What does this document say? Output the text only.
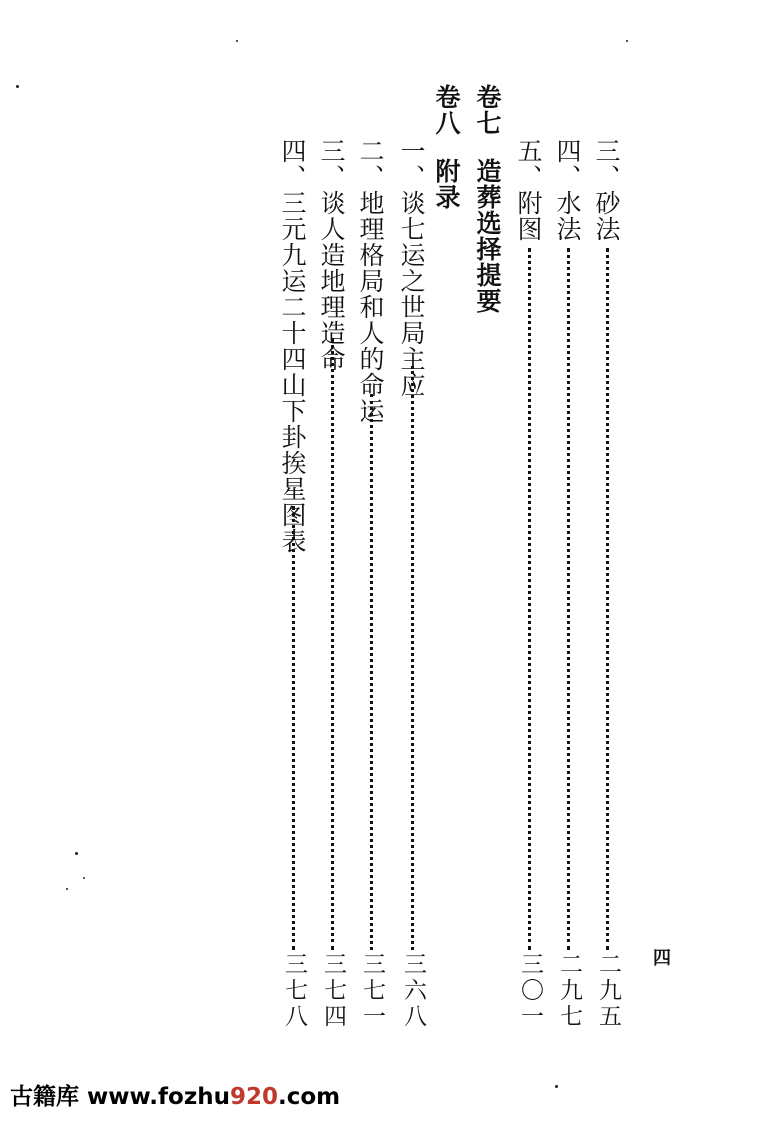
三、砂法
二九五
四、水法
二九七
五、附图
三〇一
卷七
造葬选择提要
卷八
附录
一、谈七运之世局主应
三六八
二、地理格局和人的命运
三七一
三、谈人造地理造命
三七四
四、三元九运二十四山下卦挨星图表
三七八	四
古籍库 www.fozhu920.com
